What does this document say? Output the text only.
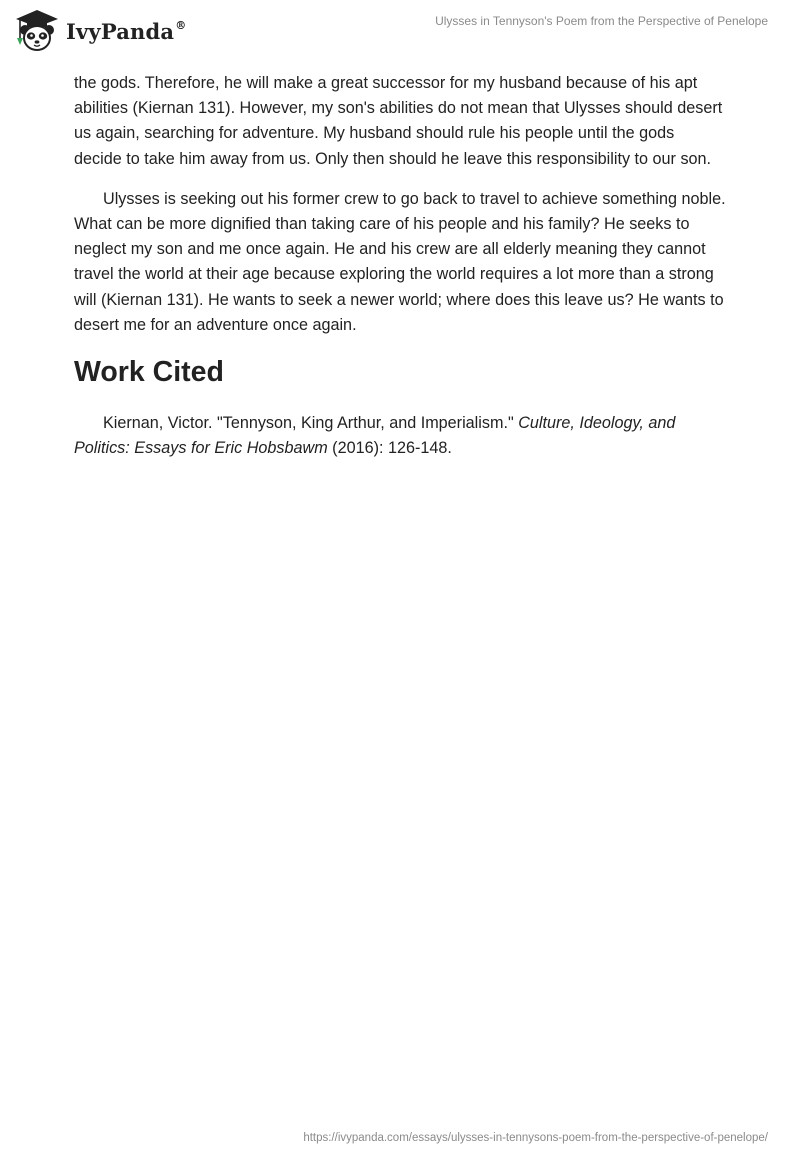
IvyPanda®	Ulysses in Tennyson's Poem from the Perspective of Penelope

the gods. Therefore, he will make a great successor for my husband because of his apt abilities (Kiernan 131). However, my son's abilities do not mean that Ulysses should desert us again, searching for adventure. My husband should rule his people until the gods decide to take him away from us. Only then should he leave this responsibility to our son.

Ulysses is seeking out his former crew to go back to travel to achieve something noble. What can be more dignified than taking care of his people and his family? He seeks to neglect my son and me once again. He and his crew are all elderly meaning they cannot travel the world at their age because exploring the world requires a lot more than a strong will (Kiernan 131). He wants to seek a newer world; where does this leave us? He wants to desert me for an adventure once again.

Work Cited

Kiernan, Victor. "Tennyson, King Arthur, and Imperialism." Culture, Ideology, and Politics: Essays for Eric Hobsbawm (2016): 126-148.

https://ivypanda.com/essays/ulysses-in-tennysons-poem-from-the-perspective-of-penelope/
